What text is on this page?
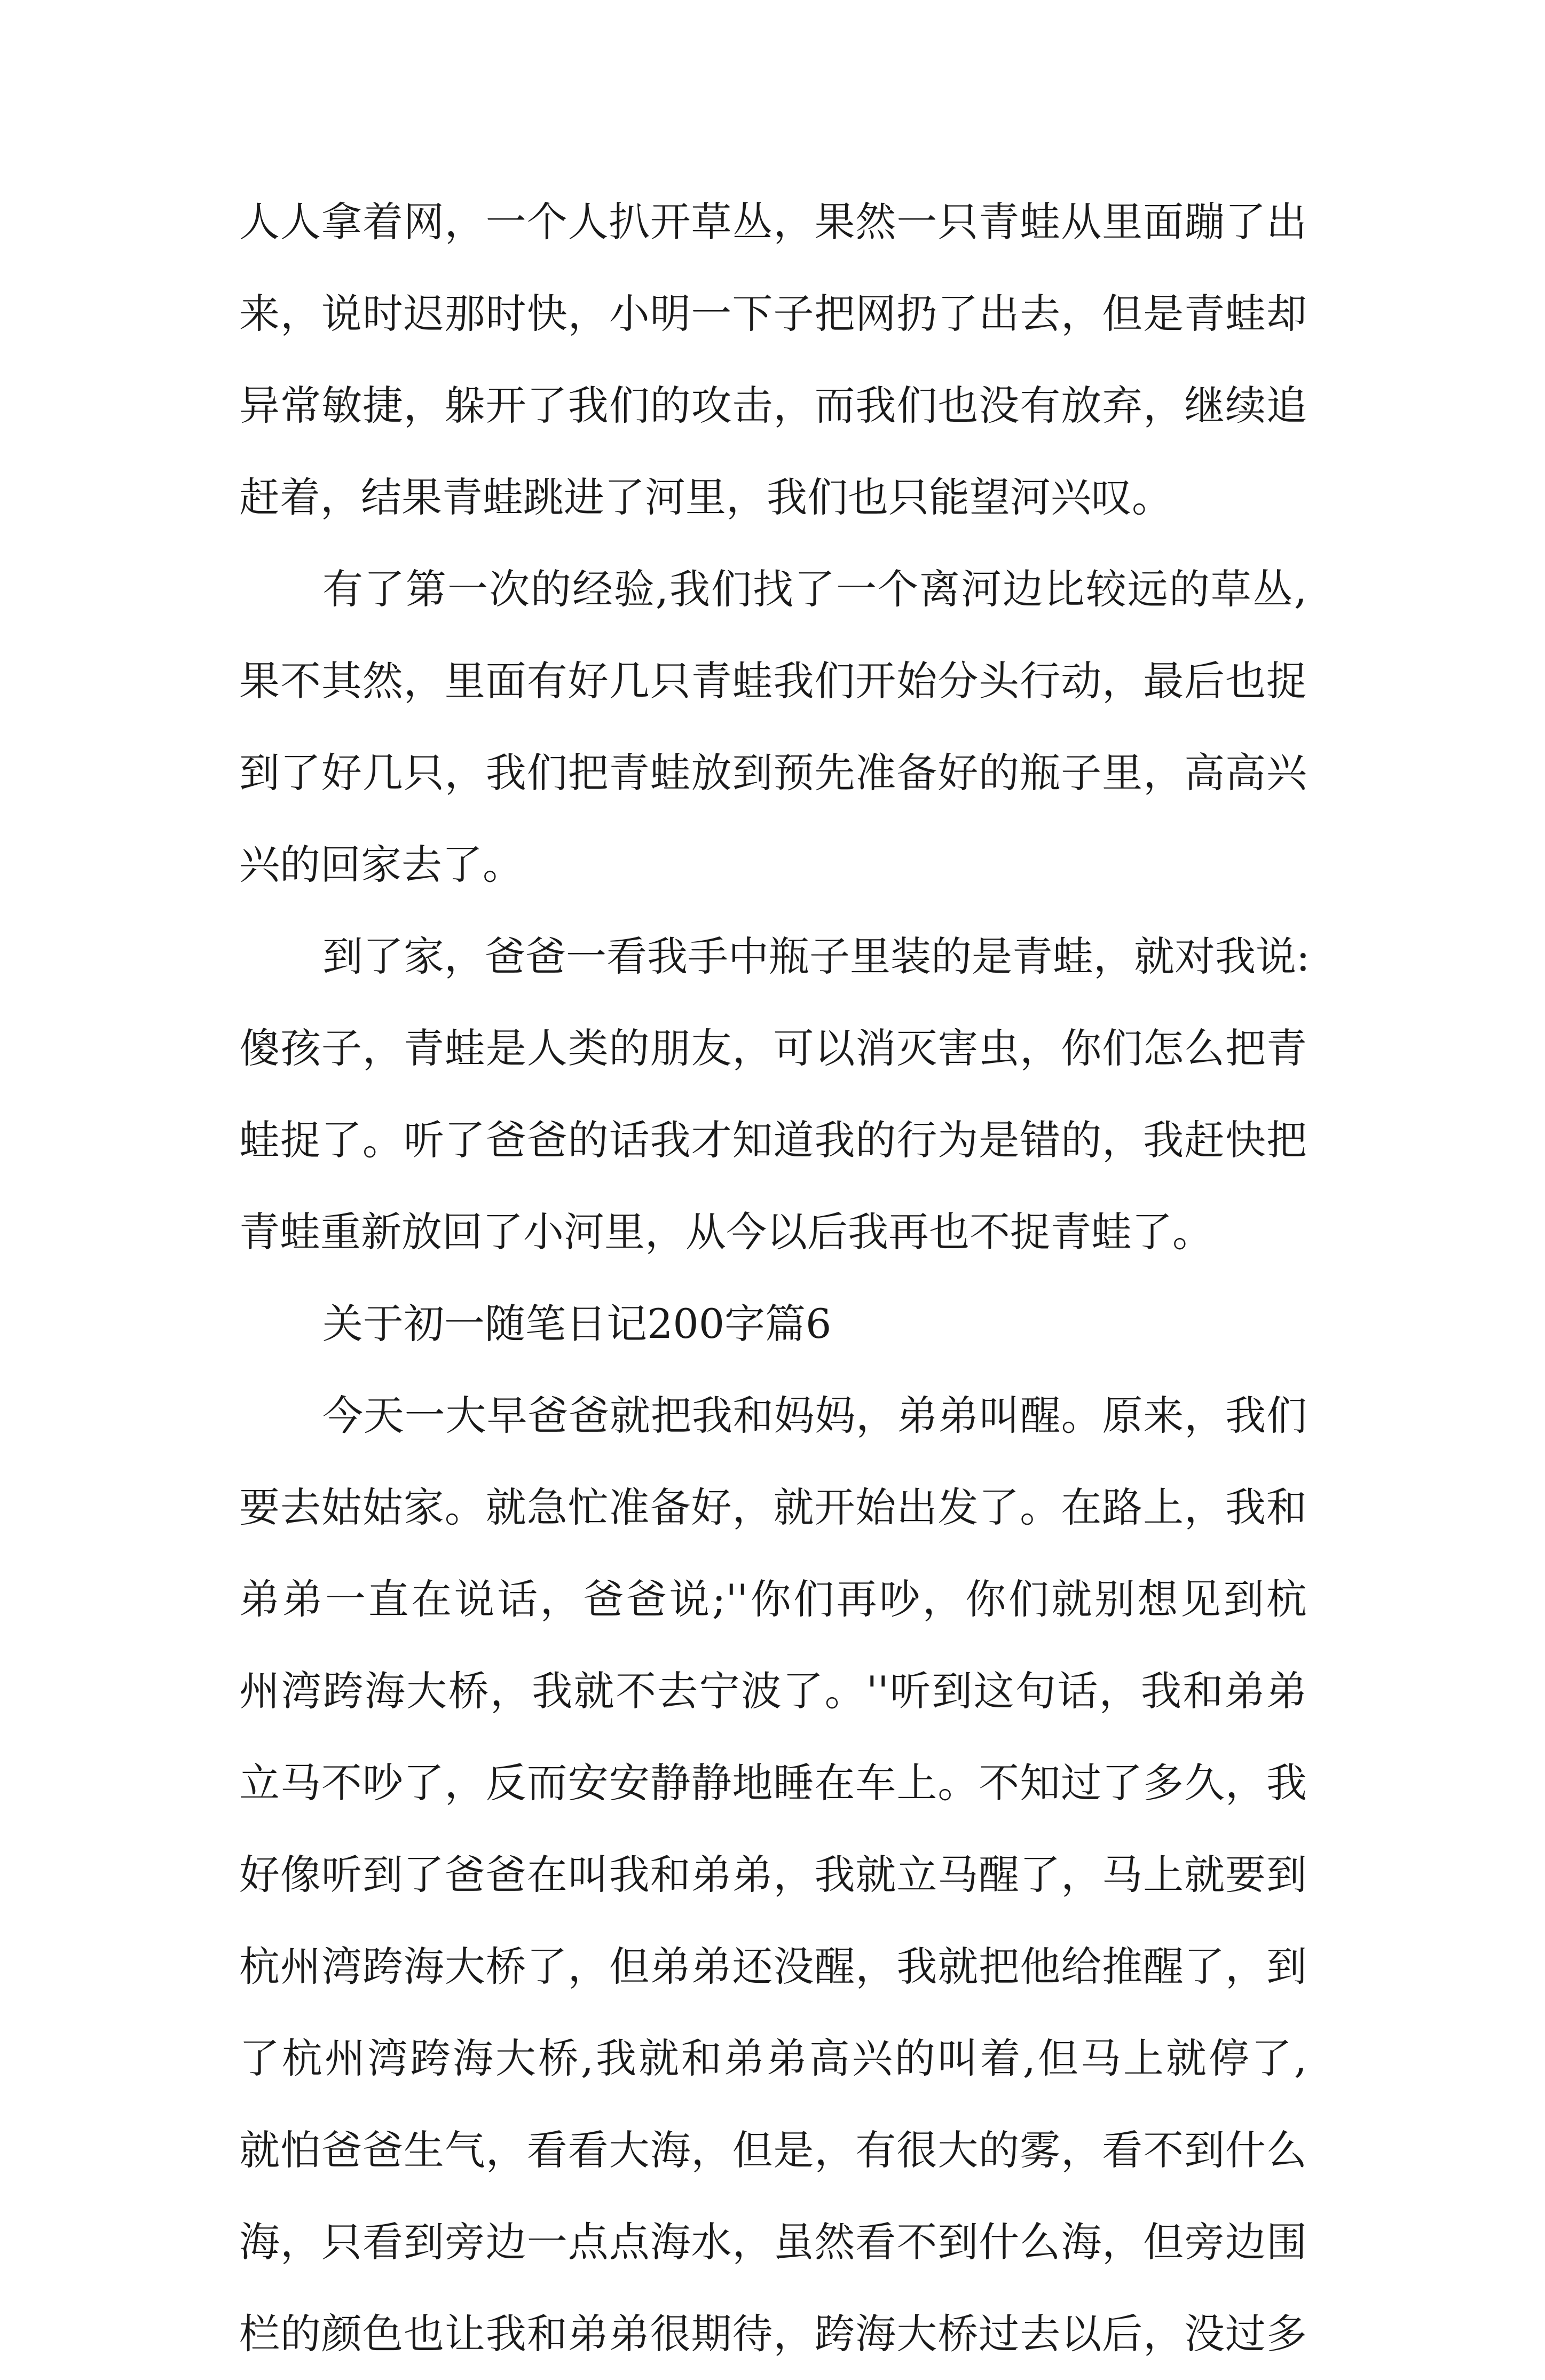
人人拿着网，一个人扒开草丛，果然一只青蛙从里面蹦了出
来，说时迟那时快，小明一下子把网扔了出去，但是青蛙却
异常敏捷，躲开了我们的攻击，而我们也没有放弃，继续追
赶着，结果青蛙跳进了河里，我们也只能望河兴叹。
有了第一次的经验,我们找了一个离河边比较远的草丛,
果不其然，里面有好几只青蛙我们开始分头行动，最后也捉
到了好几只，我们把青蛙放到预先准备好的瓶子里，高高兴
兴的回家去了。
到了家，爸爸一看我手中瓶子里装的是青蛙，就对我说:
傻孩子，青蛙是人类的朋友，可以消灭害虫，你们怎么把青
蛙捉了。听了爸爸的话我才知道我的行为是错的，我赶快把
青蛙重新放回了小河里，从今以后我再也不捉青蛙了。
关于初一随笔日记200字篇6
今天一大早爸爸就把我和妈妈，弟弟叫醒。原来，我们
要去姑姑家。就急忙准备好，就开始出发了。在路上，我和
弟弟一直在说话，爸爸说;''你们再吵，你们就别想见到杭
州湾跨海大桥，我就不去宁波了。''听到这句话，我和弟弟
立马不吵了，反而安安静静地睡在车上。不知过了多久，我
好像听到了爸爸在叫我和弟弟，我就立马醒了，马上就要到
杭州湾跨海大桥了，但弟弟还没醒，我就把他给推醒了，到
了杭州湾跨海大桥,我就和弟弟高兴的叫着,但马上就停了,
就怕爸爸生气，看看大海，但是，有很大的雾，看不到什么
海，只看到旁边一点点海水，虽然看不到什么海，但旁边围
栏的颜色也让我和弟弟很期待，跨海大桥过去以后，没过多
